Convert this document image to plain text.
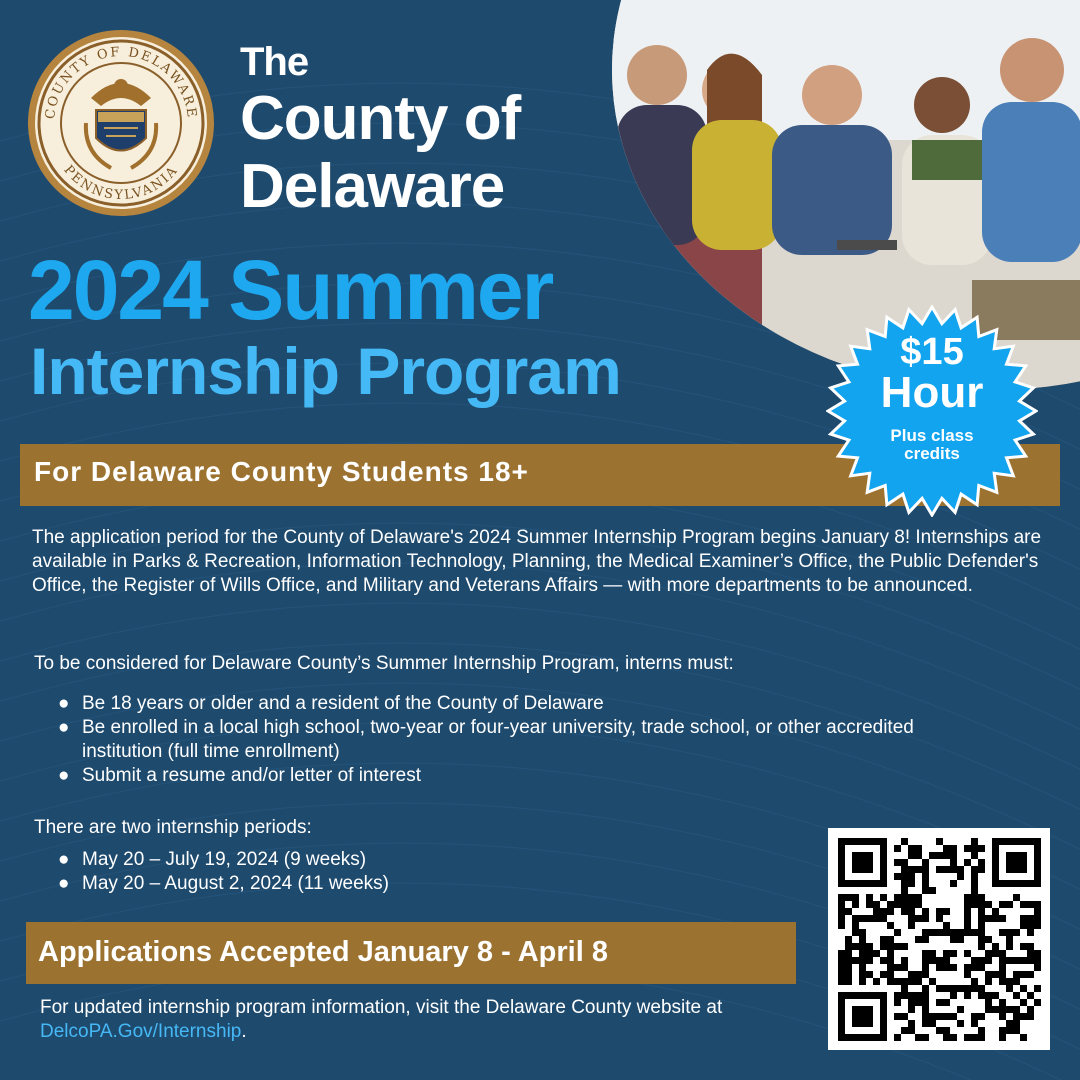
COUNTY OF DELAWARE
PENNSYLVANIA
The
County of
Delaware
2024 Summer
Internship Program
For Delaware County Students 18+
$15
Hour
Plus class credits
The application period for the County of Delaware's 2024 Summer Internship Program begins January 8! Internships are available in Parks & Recreation, Information Technology, Planning, the Medical Examiner’s Office, the Public Defender's Office, the Register of Wills Office, and Military and Veterans Affairs — with more departments to be announced.
To be considered for Delaware County’s Summer Internship Program, interns must:
● Be 18 years or older and a resident of the County of Delaware
● Be enrolled in a local high school, two-year or four-year university, trade school, or other accredited institution (full time enrollment)
● Submit a resume and/or letter of interest
There are two internship periods:
● May 20 – July 19, 2024 (9 weeks)
● May 20 – August 2, 2024 (11 weeks)
Applications Accepted January 8 - April 8
For updated internship program information, visit the Delaware County website at DelcoPA.Gov/Internship.
